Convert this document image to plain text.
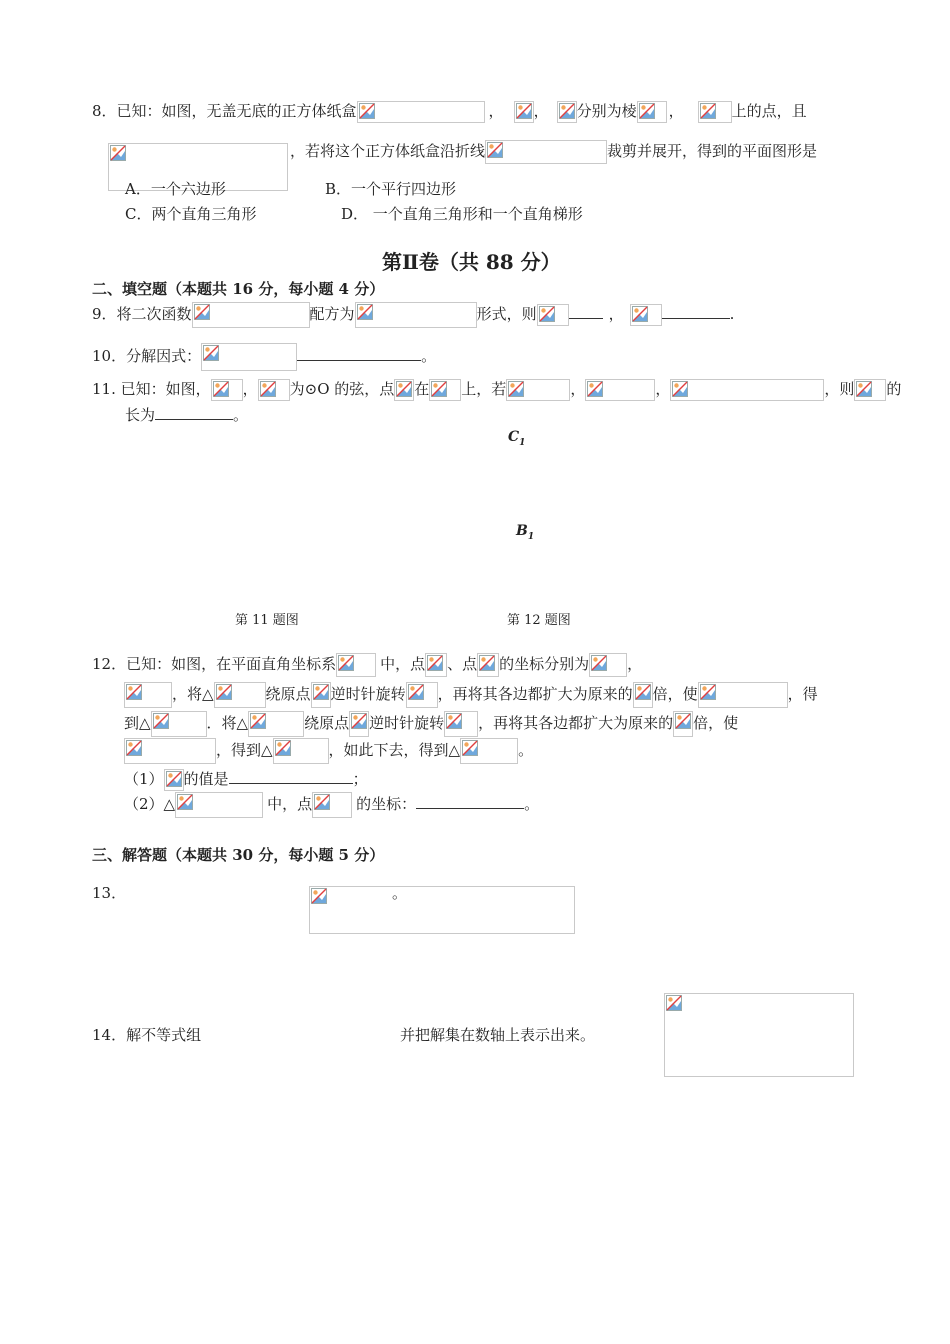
8．已知：如图，无盖无底的正方体纸盒	， ， 分别为棱 ，	上的点，且

，若将这个正方体纸盒沿折线	裁剪并展开，得到的平面图形是
A．一个六边形	B．一个平行四边形
C．两个直角三角形	D． 一个直角三角形和一个直角梯形
第Ⅱ卷（共 88 分）
二、填空题（本题共 16 分，每小题 4 分）
9．将二次函数	配方为	形式，则	，	.
10．分解因式：	。
11. 已知：如图， ， 为⊙O 的弦，点 在 上，若	，	，	，则 的
长为	。
$C_1$
$B_1$
第 11 题图	第 12 题图
12．已知：如图，在平面直角坐标系	中，点 、点 的坐标分别为	，
，将△	绕原点 逆时针旋转 ，再将其各边都扩大为原来的 倍，使	，得
到△	．将△	绕原点 逆时针旋转 ，再将其各边都扩大为原来的 倍，使
，得到△	，如此下去，得到△	。
（1） 的值是	；
（2）△	中，点	的坐标：	。
三、解答题（本题共 30 分，每小题 5 分）
13．
	。
14．解不等式组	并把解集在数轴上表示出来。
